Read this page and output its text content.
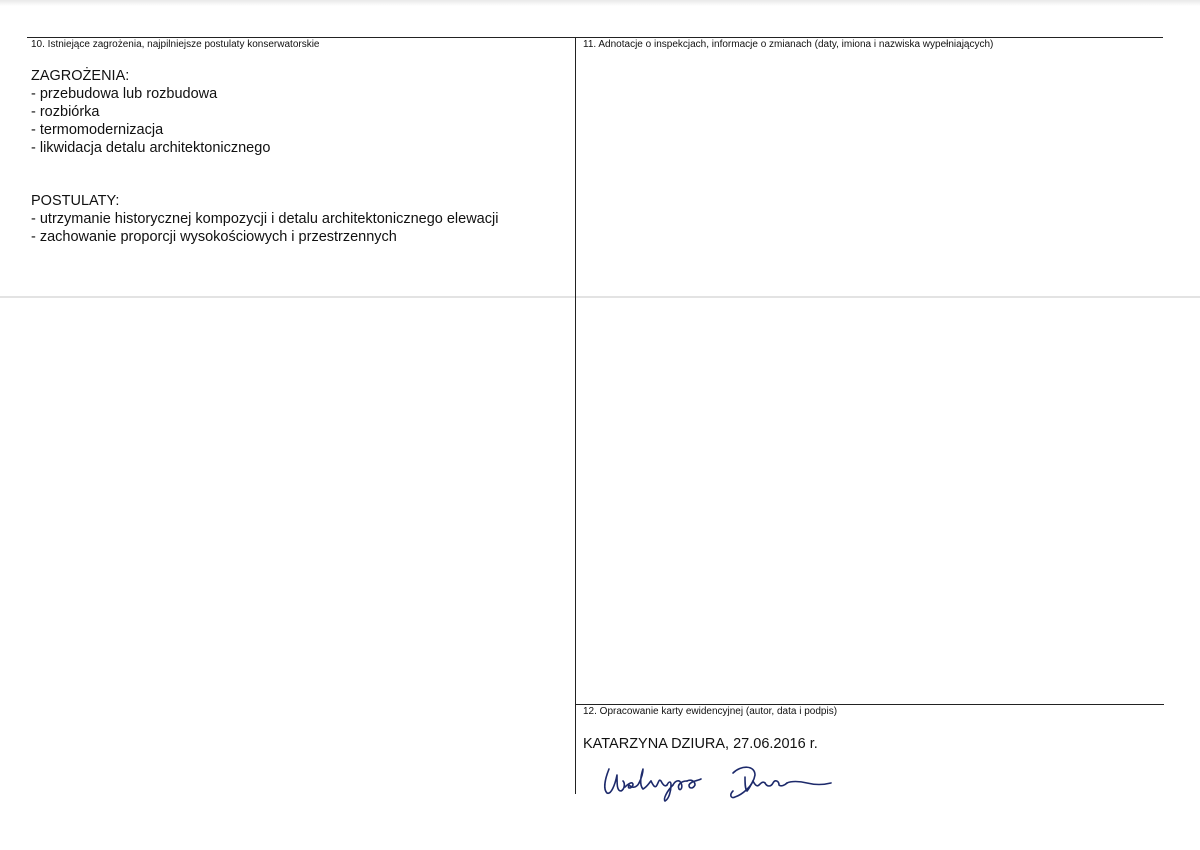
10. Istniejące zagrożenia, najpilniejsze postulaty konserwatorskie
ZAGROŻENIA:
- przebudowa lub rozbudowa
- rozbiórka
- termomodernizacja
- likwidacja detalu architektonicznego
POSTULATY:
- utrzymanie historycznej kompozycji i detalu architektonicznego elewacji
- zachowanie proporcji wysokościowych i przestrzennych
11. Adnotacje o inspekcjach, informacje o zmianach (daty, imiona i nazwiska wypełniających)
12. Opracowanie karty ewidencyjnej (autor, data i podpis)
KATARZYNA DZIURA, 27.06.2016 r.
